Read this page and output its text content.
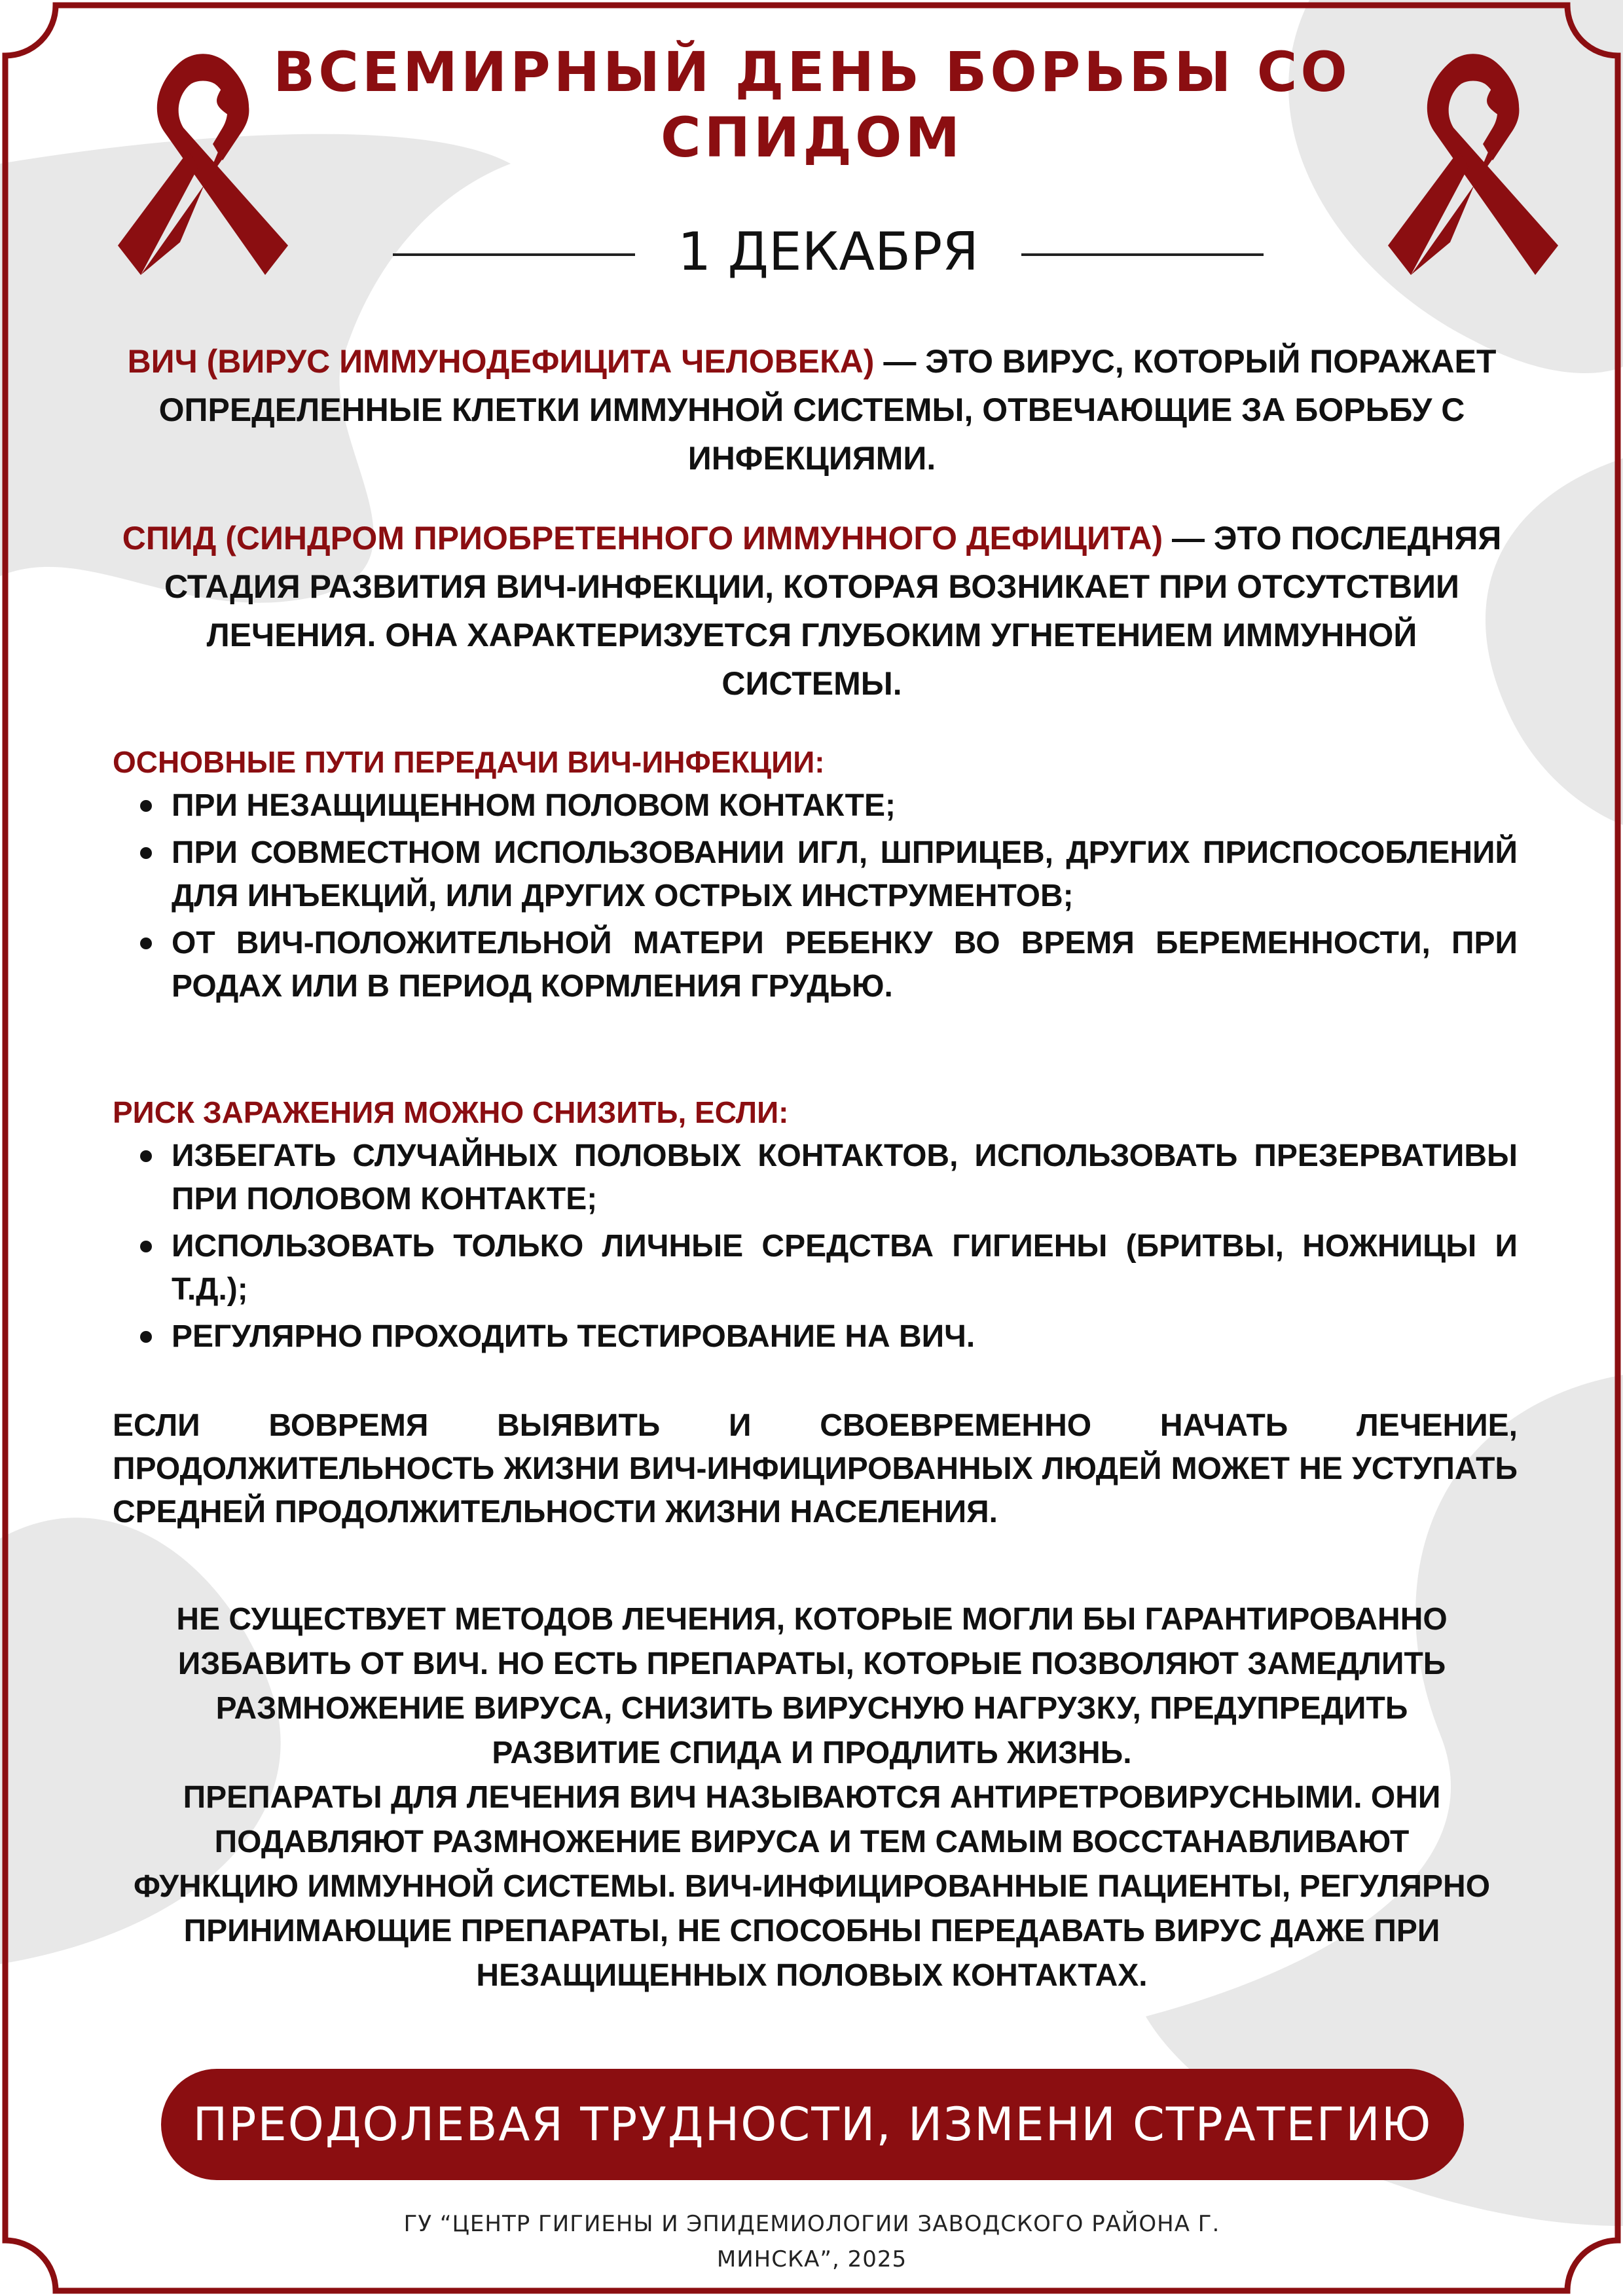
ВСЕМИРНЫЙ ДЕНЬ БОРЬБЫ СО
СПИДОМ
1 ДЕКАБРЯ
ВИЧ (ВИРУС ИММУНОДЕФИЦИТА ЧЕЛОВЕКА) — ЭТО ВИРУС, КОТОРЫЙ ПОРАЖАЕТ ОПРЕДЕЛЕННЫЕ КЛЕТКИ ИММУННОЙ СИСТЕМЫ, ОТВЕЧАЮЩИЕ ЗА БОРЬБУ С ИНФЕКЦИЯМИ.
СПИД (СИНДРОМ ПРИОБРЕТЕННОГО ИММУННОГО ДЕФИЦИТА) — ЭТО ПОСЛЕДНЯЯ СТАДИЯ РАЗВИТИЯ ВИЧ-ИНФЕКЦИИ, КОТОРАЯ ВОЗНИКАЕТ ПРИ ОТСУТСТВИИ ЛЕЧЕНИЯ. ОНА ХАРАКТЕРИЗУЕТСЯ ГЛУБОКИМ УГНЕТЕНИЕМ ИММУННОЙ СИСТЕМЫ.
ОСНОВНЫЕ ПУТИ ПЕРЕДАЧИ ВИЧ-ИНФЕКЦИИ:
ПРИ НЕЗАЩИЩЕННОМ ПОЛОВОМ КОНТАКТЕ;
ПРИ СОВМЕСТНОМ ИСПОЛЬЗОВАНИИ ИГЛ, ШПРИЦЕВ, ДРУГИХ ПРИСПОСОБЛЕНИЙ ДЛЯ ИНЪЕКЦИЙ, ИЛИ ДРУГИХ ОСТРЫХ ИНСТРУМЕНТОВ;
ОТ ВИЧ-ПОЛОЖИТЕЛЬНОЙ МАТЕРИ РЕБЕНКУ ВО ВРЕМЯ БЕРЕМЕННОСТИ, ПРИ РОДАХ ИЛИ В ПЕРИОД КОРМЛЕНИЯ ГРУДЬЮ.
РИСК ЗАРАЖЕНИЯ МОЖНО СНИЗИТЬ, ЕСЛИ:
ИЗБЕГАТЬ СЛУЧАЙНЫХ ПОЛОВЫХ КОНТАКТОВ, ИСПОЛЬЗОВАТЬ ПРЕЗЕРВАТИВЫ ПРИ ПОЛОВОМ КОНТАКТЕ;
ИСПОЛЬЗОВАТЬ ТОЛЬКО ЛИЧНЫЕ СРЕДСТВА ГИГИЕНЫ (БРИТВЫ, НОЖНИЦЫ И Т.Д.);
РЕГУЛЯРНО ПРОХОДИТЬ ТЕСТИРОВАНИЕ НА ВИЧ.
ЕСЛИ ВОВРЕМЯ ВЫЯВИТЬ И СВОЕВРЕМЕННО НАЧАТЬ ЛЕЧЕНИЕ, ПРОДОЛЖИТЕЛЬНОСТЬ ЖИЗНИ ВИЧ-ИНФИЦИРОВАННЫХ ЛЮДЕЙ МОЖЕТ НЕ УСТУПАТЬ СРЕДНЕЙ ПРОДОЛЖИТЕЛЬНОСТИ ЖИЗНИ НАСЕЛЕНИЯ.
НЕ СУЩЕСТВУЕТ МЕТОДОВ ЛЕЧЕНИЯ, КОТОРЫЕ МОГЛИ БЫ ГАРАНТИРОВАННО ИЗБАВИТЬ ОТ ВИЧ. НО ЕСТЬ ПРЕПАРАТЫ, КОТОРЫЕ ПОЗВОЛЯЮТ ЗАМЕДЛИТЬ РАЗМНОЖЕНИЕ ВИРУСА, СНИЗИТЬ ВИРУСНУЮ НАГРУЗКУ, ПРЕДУПРЕДИТЬ РАЗВИТИЕ СПИДА И ПРОДЛИТЬ ЖИЗНЬ.
ПРЕПАРАТЫ ДЛЯ ЛЕЧЕНИЯ ВИЧ НАЗЫВАЮТСЯ АНТИРЕТРОВИРУСНЫМИ. ОНИ ПОДАВЛЯЮТ РАЗМНОЖЕНИЕ ВИРУСА И ТЕМ САМЫМ ВОССТАНАВЛИВАЮТ ФУНКЦИЮ ИММУННОЙ СИСТЕМЫ. ВИЧ-ИНФИЦИРОВАННЫЕ ПАЦИЕНТЫ, РЕГУЛЯРНО ПРИНИМАЮЩИЕ ПРЕПАРАТЫ, НЕ СПОСОБНЫ ПЕРЕДАВАТЬ ВИРУС ДАЖЕ ПРИ НЕЗАЩИЩЕННЫХ ПОЛОВЫХ КОНТАКТАХ.
ПРЕОДОЛЕВАЯ ТРУДНОСТИ, ИЗМЕНИ СТРАТЕГИЮ
ГУ “ЦЕНТР ГИГИЕНЫ И ЭПИДЕМИОЛОГИИ ЗАВОДСКОГО РАЙОНА Г.
МИНСКА”, 2025
